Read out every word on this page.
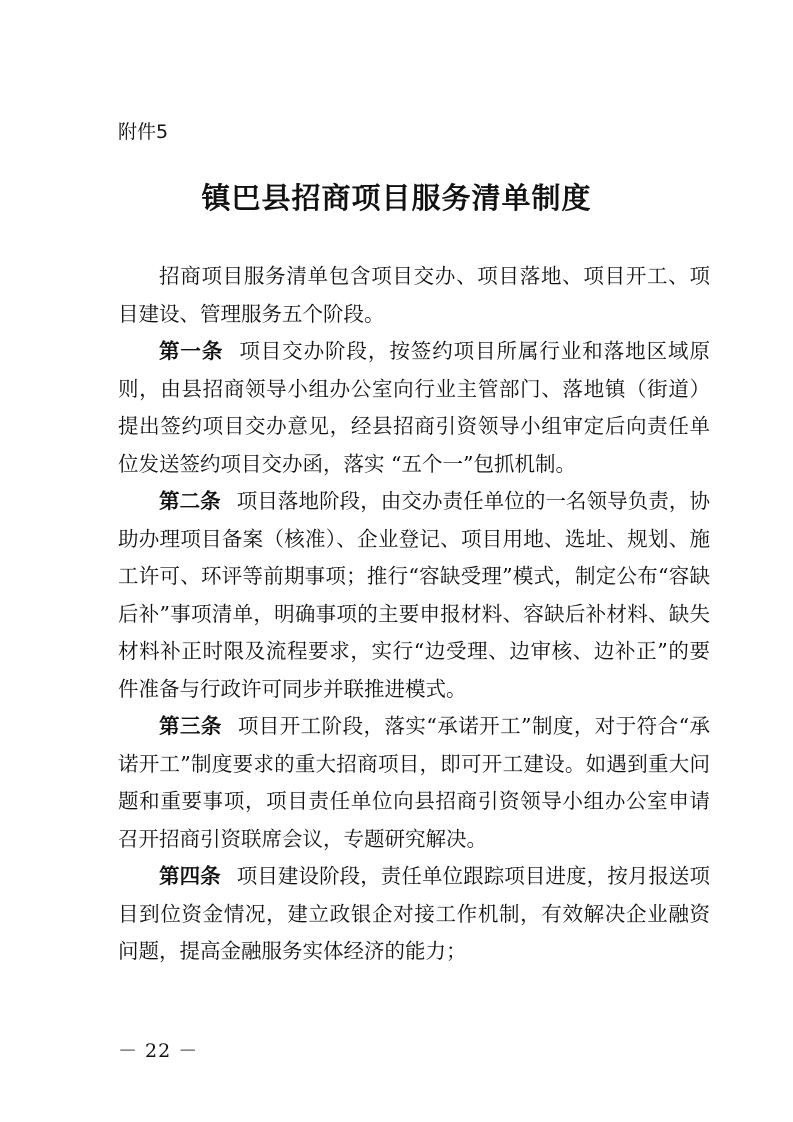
附件5
镇巴县招商项目服务清单制度

招商项目服务清单包含项目交办、项目落地、项目开工、项目建设、管理服务五个阶段。

第一条 项目交办阶段，按签约项目所属行业和落地区域原则，由县招商领导小组办公室向行业主管部门、落地镇（街道）提出签约项目交办意见，经县招商引资领导小组审定后向责任单位发送签约项目交办函，落实 “五个一”包抓机制。

第二条 项目落地阶段，由交办责任单位的一名领导负责，协助办理项目备案（核准）、企业登记、项目用地、选址、规划、施工许可、环评等前期事项；推行“容缺受理”模式，制定公布“容缺后补”事项清单，明确事项的主要申报材料、容缺后补材料、缺失材料补正时限及流程要求，实行“边受理、边审核、边补正”的要件准备与行政许可同步并联推进模式。

第三条 项目开工阶段，落实“承诺开工”制度，对于符合“承诺开工”制度要求的重大招商项目，即可开工建设。如遇到重大问题和重要事项，项目责任单位向县招商引资领导小组办公室申请召开招商引资联席会议，专题研究解决。

第四条 项目建设阶段，责任单位跟踪项目进度，按月报送项目到位资金情况，建立政银企对接工作机制，有效解决企业融资问题，提高金融服务实体经济的能力；

－ 22 －
